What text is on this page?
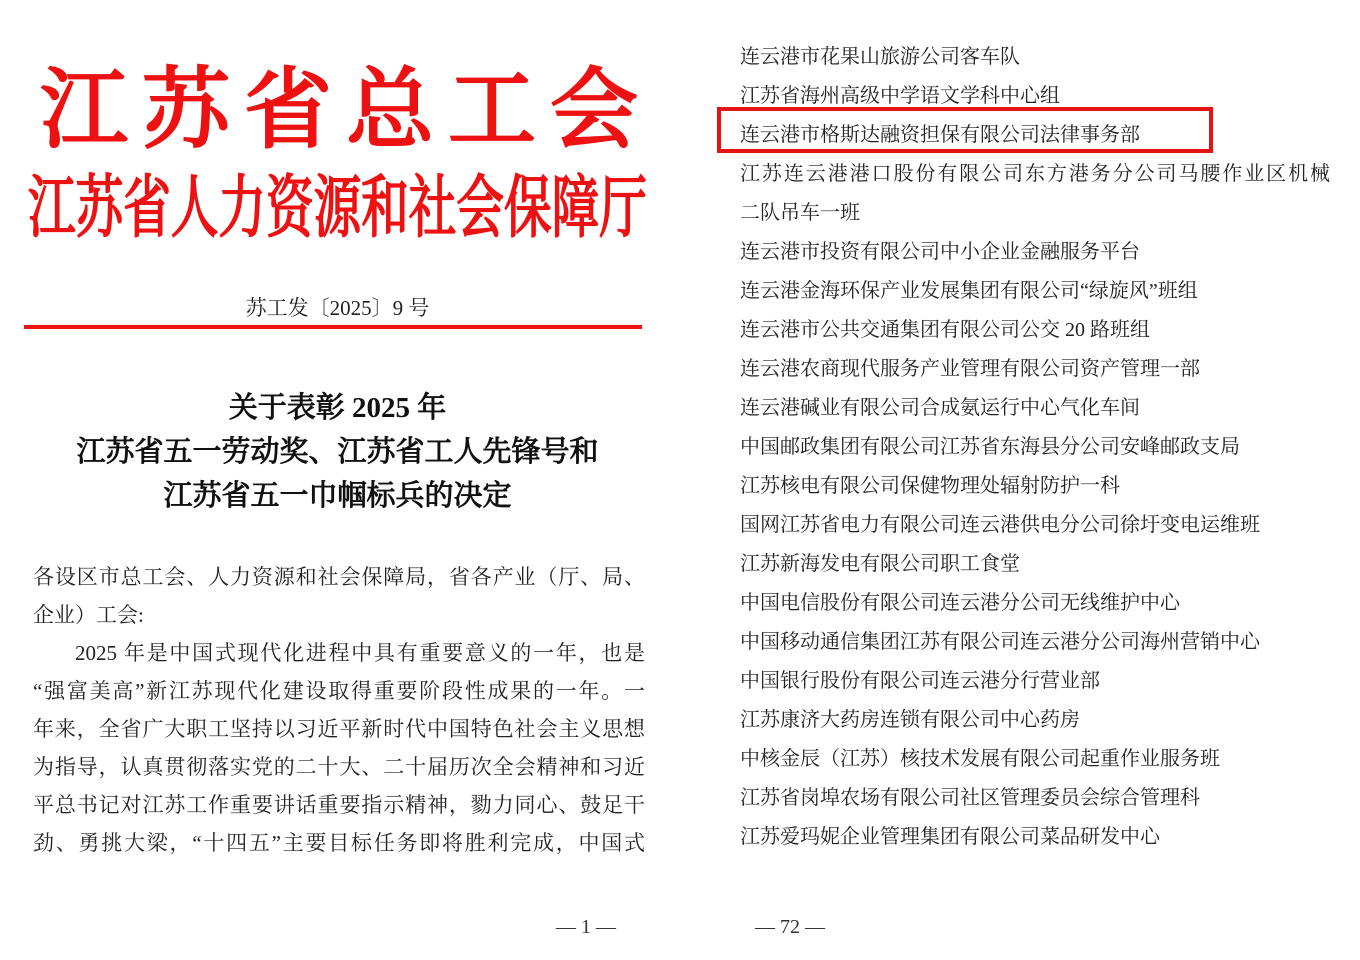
江苏省总工会
江苏省人力资源和社会保障厅
苏工发〔2025〕9 号
关于表彰 2025 年
江苏省五一劳动奖、江苏省工人先锋号和
江苏省五一巾帼标兵的决定
各设区市总工会、人力资源和社会保障局，省各产业（厅、局、
企业）工会:
2025 年是中国式现代化进程中具有重要意义的一年，也是
“强富美高”新江苏现代化建设取得重要阶段性成果的一年。一
年来，全省广大职工坚持以习近平新时代中国特色社会主义思想
为指导，认真贯彻落实党的二十大、二十届历次全会精神和习近
平总书记对江苏工作重要讲话重要指示精神，勠力同心、鼓足干
劲、勇挑大梁，“十四五”主要目标任务即将胜利完成，中国式
— 1 —
连云港市花果山旅游公司客车队
江苏省海州高级中学语文学科中心组
连云港市格斯达融资担保有限公司法律事务部
江苏连云港港口股份有限公司东方港务分公司马腰作业区机械
二队吊车一班
连云港市投资有限公司中小企业金融服务平台
连云港金海环保产业发展集团有限公司“绿旋风”班组
连云港市公共交通集团有限公司公交 20 路班组
连云港农商现代服务产业管理有限公司资产管理一部
连云港碱业有限公司合成氨运行中心气化车间
中国邮政集团有限公司江苏省东海县分公司安峰邮政支局
江苏核电有限公司保健物理处辐射防护一科
国网江苏省电力有限公司连云港供电分公司徐圩变电运维班
江苏新海发电有限公司职工食堂
中国电信股份有限公司连云港分公司无线维护中心
中国移动通信集团江苏有限公司连云港分公司海州营销中心
中国银行股份有限公司连云港分行营业部
江苏康济大药房连锁有限公司中心药房
中核金辰（江苏）核技术发展有限公司起重作业服务班
江苏省岗埠农场有限公司社区管理委员会综合管理科
江苏爱玛妮企业管理集团有限公司菜品研发中心
— 72 —
